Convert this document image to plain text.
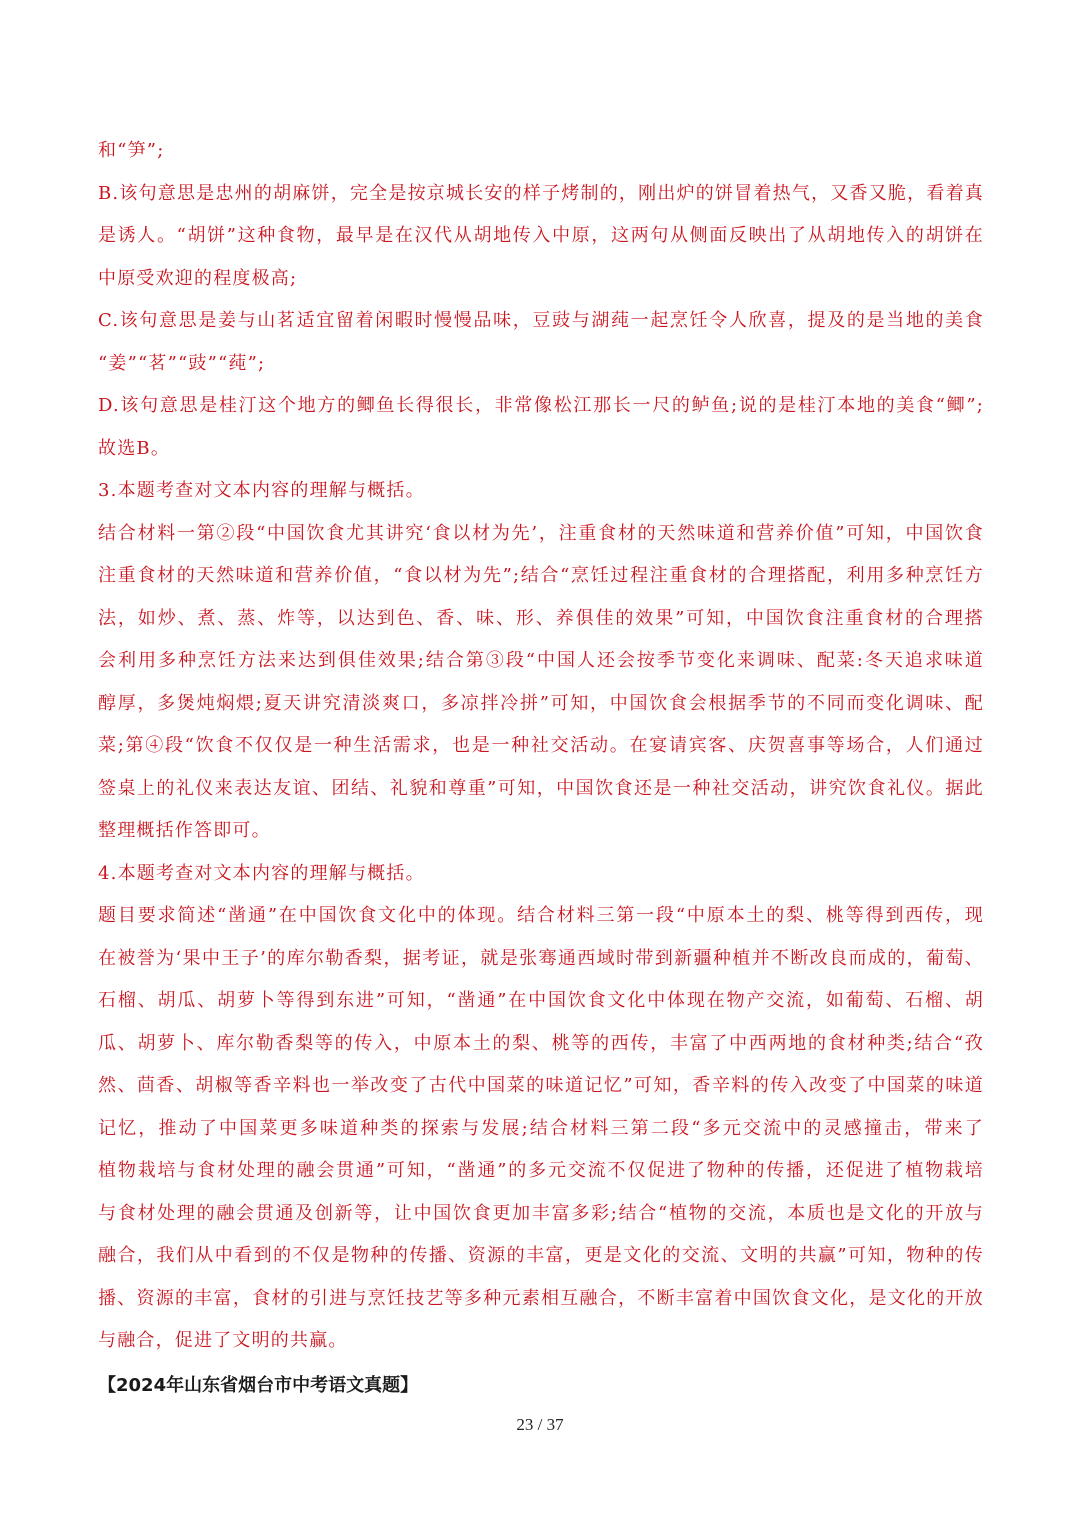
和“笋”;
B.该句意思是忠州的胡麻饼，完全是按京城长安的样子烤制的，刚出炉的饼冒着热气，又香又脆，看着真
是诱人。“胡饼”这种食物，最早是在汉代从胡地传入中原，这两句从侧面反映出了从胡地传入的胡饼在
中原受欢迎的程度极高;
C.该句意思是姜与山茗适宜留着闲暇时慢慢品味，豆豉与湖莼一起烹饪令人欣喜，提及的是当地的美食
“姜”“茗”“豉”“莼”;
D.该句意思是桂汀这个地方的鲫鱼长得很长，非常像松江那长一尺的鲈鱼;说的是桂汀本地的美食“鲫”;
故选B。
3.本题考查对文本内容的理解与概括。
结合材料一第②段“中国饮食尤其讲究‘食以材为先’，注重食材的天然味道和营养价值”可知，中国饮食
注重食材的天然味道和营养价值，“食以材为先”;结合“烹饪过程注重食材的合理搭配，利用多种烹饪方
法，如炒、煮、蒸、炸等，以达到色、香、味、形、养俱佳的效果”可知，中国饮食注重食材的合理搭
会利用多种烹饪方法来达到俱佳效果;结合第③段“中国人还会按季节变化来调味、配菜:冬天追求味道
醇厚，多煲炖焖煨;夏天讲究清淡爽口，多凉拌冷拼”可知，中国饮食会根据季节的不同而变化调味、配
菜;第④段“饮食不仅仅是一种生活需求，也是一种社交活动。在宴请宾客、庆贺喜事等场合，人们通过
签桌上的礼仪来表达友谊、团结、礼貌和尊重”可知，中国饮食还是一种社交活动，讲究饮食礼仪。据此
整理概括作答即可。
4.本题考查对文本内容的理解与概括。
题目要求简述“凿通”在中国饮食文化中的体现。结合材料三第一段“中原本土的梨、桃等得到西传，现
在被誉为‘果中王子’的库尔勒香梨，据考证，就是张骞通西域时带到新疆种植并不断改良而成的，葡萄、
石榴、胡瓜、胡萝卜等得到东进”可知，“凿通”在中国饮食文化中体现在物产交流，如葡萄、石榴、胡
瓜、胡萝卜、库尔勒香梨等的传入，中原本土的梨、桃等的西传，丰富了中西两地的食材种类;结合“孜
然、茴香、胡椒等香辛料也一举改变了古代中国菜的味道记忆”可知，香辛料的传入改变了中国菜的味道
记忆，推动了中国菜更多味道种类的探索与发展;结合材料三第二段“多元交流中的灵感撞击，带来了
植物栽培与食材处理的融会贯通”可知，“凿通”的多元交流不仅促进了物种的传播，还促进了植物栽培
与食材处理的融会贯通及创新等，让中国饮食更加丰富多彩;结合“植物的交流，本质也是文化的开放与
融合，我们从中看到的不仅是物种的传播、资源的丰富，更是文化的交流、文明的共赢”可知，物种的传
播、资源的丰富，食材的引进与烹饪技艺等多种元素相互融合，不断丰富着中国饮食文化，是文化的开放
与融合，促进了文明的共赢。
【2024年山东省烟台市中考语文真题】
23 / 37
